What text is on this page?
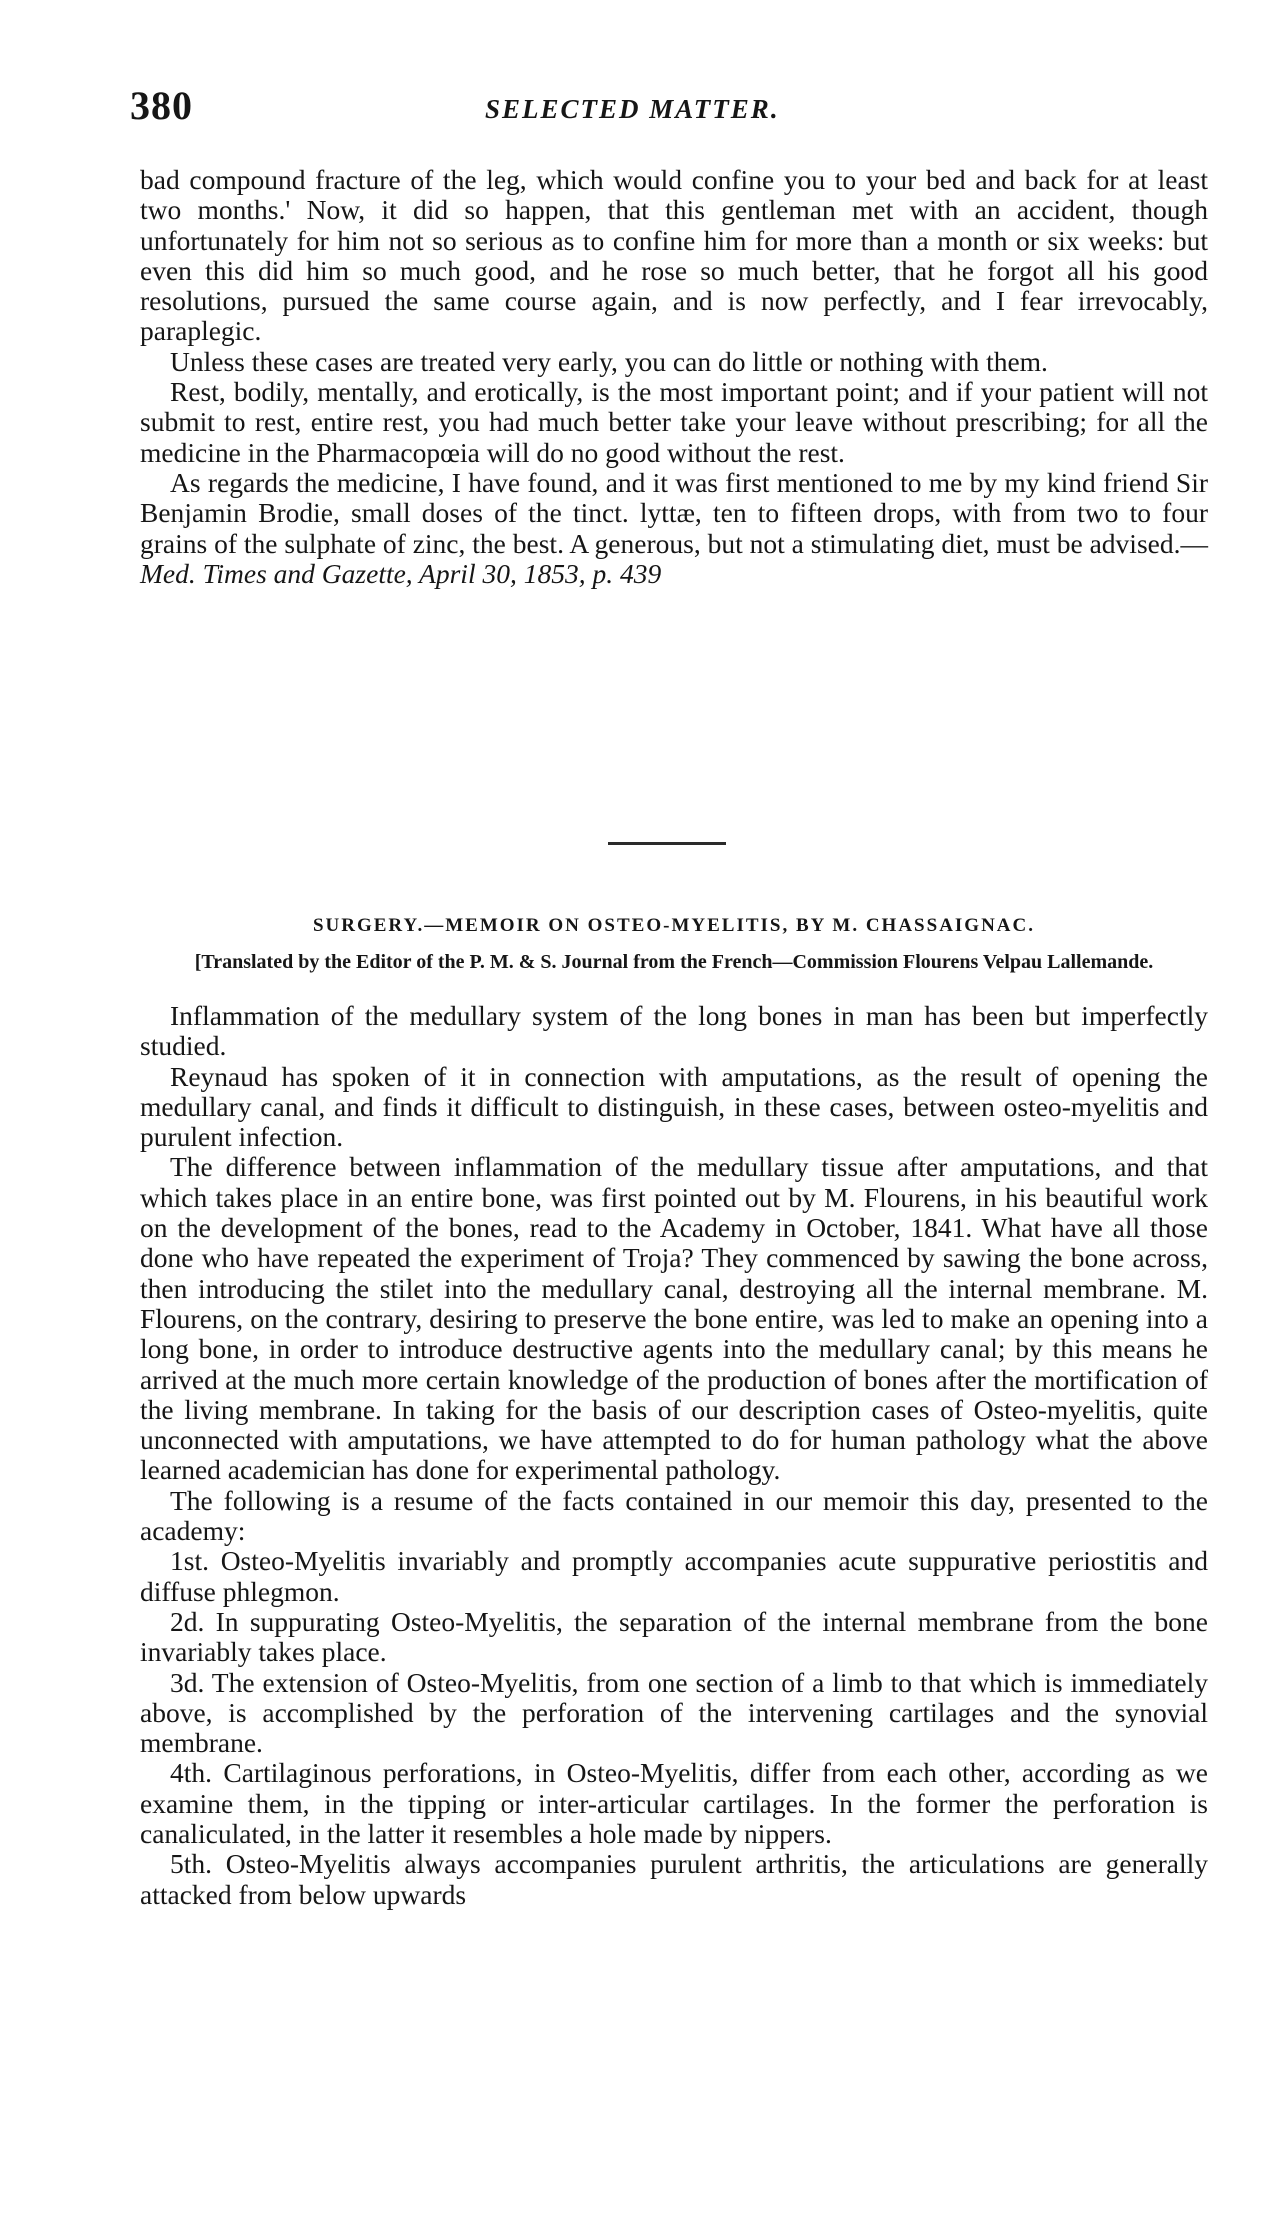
380	SELECTED MATTER.

bad compound fracture of the leg, which would confine you to your bed and back for at least two months.' Now, it did so happen, that this gentleman met with an accident, though unfortunately for him not so serious as to confine him for more than a month or six weeks: but even this did him so much good, and he rose so much better, that he forgot all his good resolutions, pursued the same course again, and is now perfectly, and I fear irrevocably, paraplegic.

Unless these cases are treated very early, you can do little or nothing with them.

Rest, bodily, mentally, and erotically, is the most important point; and if your patient will not submit to rest, entire rest, you had much better take your leave without prescribing; for all the medicine in the Pharmacopœia will do no good without the rest.

As regards the medicine, I have found, and it was first mentioned to me by my kind friend Sir Benjamin Brodie, small doses of the tinct. lyttæ, ten to fifteen drops, with from two to four grains of the sulphate of zinc, the best. A generous, but not a stimulating diet, must be advised.—Med. Times and Gazette, April 30, 1853, p. 439

SURGERY.—MEMOIR ON OSTEO-MYELITIS, BY M. CHASSAIGNAC.
[Translated by the Editor of the P. M. & S. Journal from the French—Commission Flourens Velpau Lallemande.

Inflammation of the medullary system of the long bones in man has been but imperfectly studied.

Reynaud has spoken of it in connection with amputations, as the result of opening the medullary canal, and finds it difficult to distinguish, in these cases, between osteo-myelitis and purulent infection.

The difference between inflammation of the medullary tissue after amputations, and that which takes place in an entire bone, was first pointed out by M. Flourens, in his beautiful work on the development of the bones, read to the Academy in October, 1841. What have all those done who have repeated the experiment of Troja? They commenced by sawing the bone across, then introducing the stilet into the medullary canal, destroying all the internal membrane. M. Flourens, on the contrary, desiring to preserve the bone entire, was led to make an opening into a long bone, in order to introduce destructive agents into the medullary canal; by this means he arrived at the much more certain knowledge of the production of bones after the mortification of the living membrane. In taking for the basis of our description cases of Osteo-myelitis, quite unconnected with amputations, we have attempted to do for human pathology what the above learned academician has done for experimental pathology.

The following is a resume of the facts contained in our memoir this day, presented to the academy:

1st. Osteo-Myelitis invariably and promptly accompanies acute suppurative periostitis and diffuse phlegmon.

2d. In suppurating Osteo-Myelitis, the separation of the internal membrane from the bone invariably takes place.

3d. The extension of Osteo-Myelitis, from one section of a limb to that which is immediately above, is accomplished by the perforation of the intervening cartilages and the synovial membrane.

4th. Cartilaginous perforations, in Osteo-Myelitis, differ from each other, according as we examine them, in the tipping or inter-articular cartilages. In the former the perforation is canaliculated, in the latter it resembles a hole made by nippers.

5th. Osteo-Myelitis always accompanies purulent arthritis, the articulations are generally attacked from below upwards
